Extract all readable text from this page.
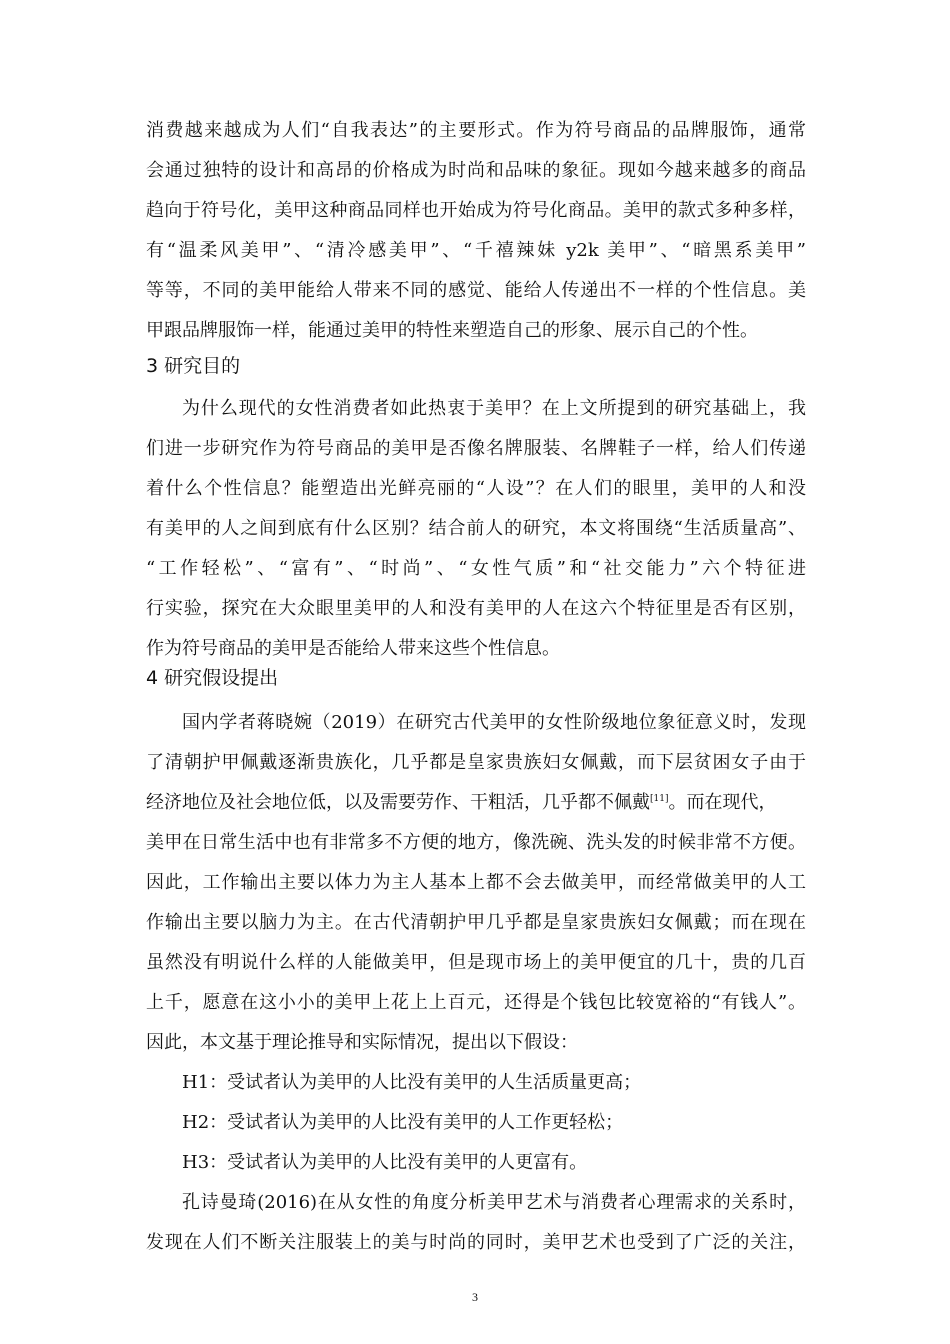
消费越来越成为人们“自我表达”的主要形式。作为符号商品的品牌服饰，通常
会通过独特的设计和高昂的价格成为时尚和品味的象征。现如今越来越多的商品
趋向于符号化，美甲这种商品同样也开始成为符号化商品。美甲的款式多种多样，
有“温柔风美甲”、“清冷感美甲”、“千禧辣妹 y2k 美甲”、“暗黑系美甲”
等等，不同的美甲能给人带来不同的感觉、能给人传递出不一样的个性信息。美
甲跟品牌服饰一样，能通过美甲的特性来塑造自己的形象、展示自己的个性。
3 研究目的
为什么现代的女性消费者如此热衷于美甲？在上文所提到的研究基础上，我
们进一步研究作为符号商品的美甲是否像名牌服装、名牌鞋子一样，给人们传递
着什么个性信息？能塑造出光鲜亮丽的“人设”？在人们的眼里，美甲的人和没
有美甲的人之间到底有什么区别？结合前人的研究，本文将围绕“生活质量高”、
“工作轻松”、“富有”、“时尚”、“女性气质”和“社交能力”六个特征进
行实验，探究在大众眼里美甲的人和没有美甲的人在这六个特征里是否有区别，
作为符号商品的美甲是否能给人带来这些个性信息。
4 研究假设提出
国内学者蒋晓婉（2019）在研究古代美甲的女性阶级地位象征意义时，发现
了清朝护甲佩戴逐渐贵族化，几乎都是皇家贵族妇女佩戴，而下层贫困女子由于
经济地位及社会地位低，以及需要劳作、干粗活，几乎都不佩戴[11]。而在现代，
美甲在日常生活中也有非常多不方便的地方，像洗碗、洗头发的时候非常不方便。
因此，工作输出主要以体力为主人基本上都不会去做美甲，而经常做美甲的人工
作输出主要以脑力为主。在古代清朝护甲几乎都是皇家贵族妇女佩戴；而在现在
虽然没有明说什么样的人能做美甲，但是现市场上的美甲便宜的几十，贵的几百
上千，愿意在这小小的美甲上花上上百元，还得是个钱包比较宽裕的“有钱人”。
因此，本文基于理论推导和实际情况，提出以下假设：
H1：受试者认为美甲的人比没有美甲的人生活质量更高；
H2：受试者认为美甲的人比没有美甲的人工作更轻松；
H3：受试者认为美甲的人比没有美甲的人更富有。
孔诗曼琦(2016)在从女性的角度分析美甲艺术与消费者心理需求的关系时，
发现在人们不断关注服装上的美与时尚的同时，美甲艺术也受到了广泛的关注，
3
